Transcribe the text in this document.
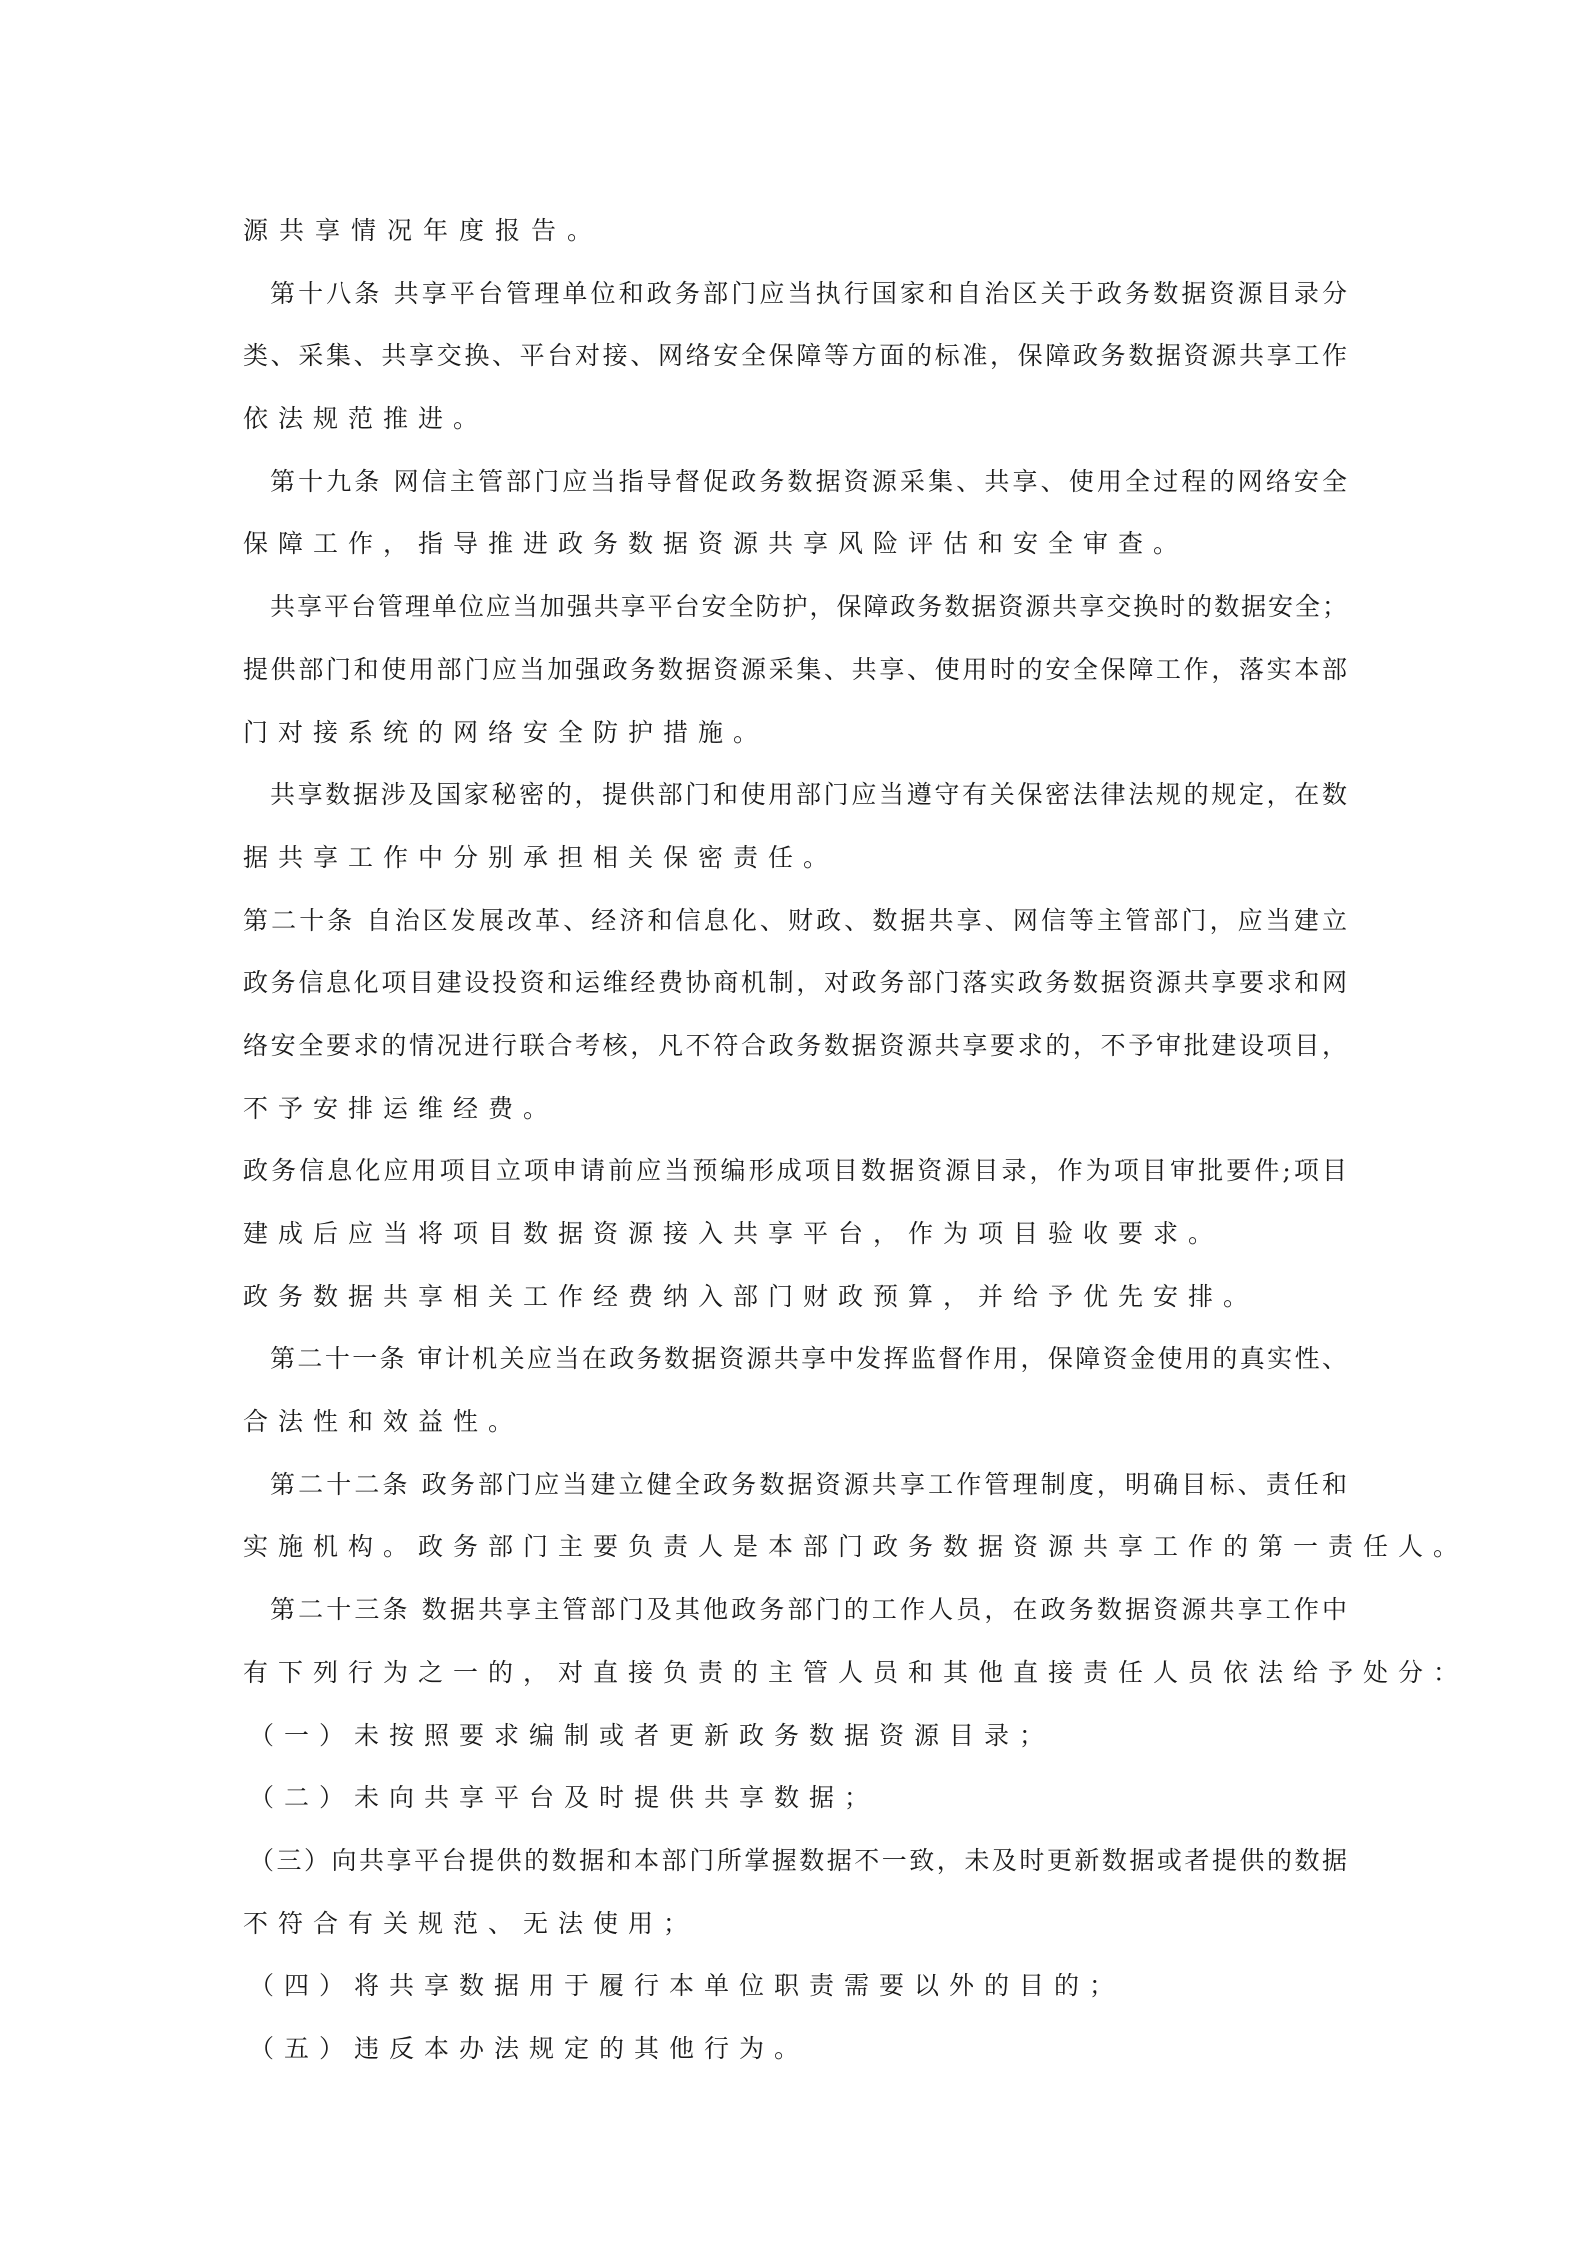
源共享情况年度报告。
第十八条 共享平台管理单位和政务部门应当执行国家和自治区关于政务数据资源目录分
类、采集、共享交换、平台对接、网络安全保障等方面的标准，保障政务数据资源共享工作
依法规范推进。
第十九条 网信主管部门应当指导督促政务数据资源采集、共享、使用全过程的网络安全
保障工作，指导推进政务数据资源共享风险评估和安全审查。
共享平台管理单位应当加强共享平台安全防护，保障政务数据资源共享交换时的数据安全；
提供部门和使用部门应当加强政务数据资源采集、共享、使用时的安全保障工作，落实本部
门对接系统的网络安全防护措施。
共享数据涉及国家秘密的，提供部门和使用部门应当遵守有关保密法律法规的规定，在数
据共享工作中分别承担相关保密责任。
第二十条 自治区发展改革、经济和信息化、财政、数据共享、网信等主管部门，应当建立
政务信息化项目建设投资和运维经费协商机制，对政务部门落实政务数据资源共享要求和网
络安全要求的情况进行联合考核，凡不符合政务数据资源共享要求的，不予审批建设项目，
不予安排运维经费。
政务信息化应用项目立项申请前应当预编形成项目数据资源目录，作为项目审批要件;项目
建成后应当将项目数据资源接入共享平台，作为项目验收要求。
政务数据共享相关工作经费纳入部门财政预算，并给予优先安排。
第二十一条 审计机关应当在政务数据资源共享中发挥监督作用，保障资金使用的真实性、
合法性和效益性。
第二十二条 政务部门应当建立健全政务数据资源共享工作管理制度，明确目标、责任和
实施机构。政务部门主要负责人是本部门政务数据资源共享工作的第一责任人。
第二十三条 数据共享主管部门及其他政务部门的工作人员，在政务数据资源共享工作中
有下列行为之一的，对直接负责的主管人员和其他直接责任人员依法给予处分：
（一）未按照要求编制或者更新政务数据资源目录；
（二）未向共享平台及时提供共享数据；
（三）向共享平台提供的数据和本部门所掌握数据不一致，未及时更新数据或者提供的数据
不符合有关规范、无法使用；
（四）将共享数据用于履行本单位职责需要以外的目的；
（五）违反本办法规定的其他行为。
